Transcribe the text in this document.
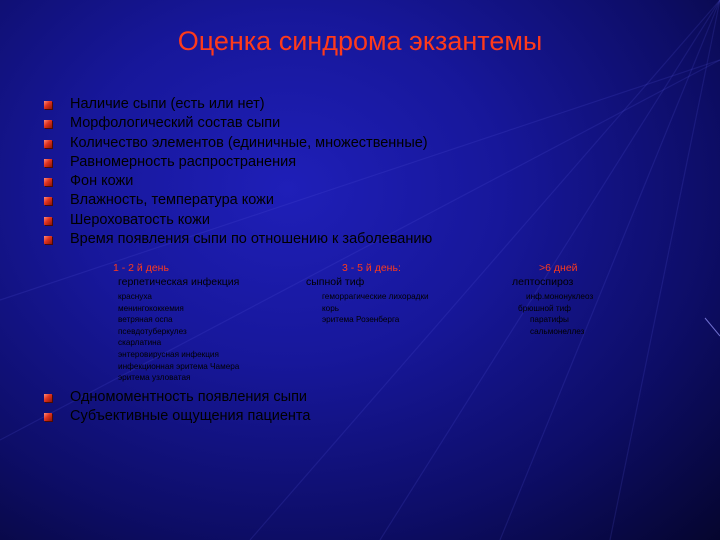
Оценка синдрома экзантемы
Наличие сыпи (есть или нет)
Морфологический состав сыпи
Количество элементов (единичные, множественные)
Равномерность распространения
Фон кожи
Влажность, температура кожи
Шероховатость кожи
Время появления сыпи по отношению к заболеванию
1 - 2 й день
герпетическая инфекция
краснуха
менингококкемия
ветряная оспа
псевдотуберкулез
скарлатина
энтеровирусная инфекция
инфекционная эритема Чамера
эритема узловатая
3 - 5 й день:
сыпной тиф
геморрагические лихорадки
корь
эритема Розенберга
>6 дней
лептоспироз
инф.мононуклеоз
брюшной тиф
паратифы
сальмонеллез
Одномоментность появления сыпи
Субъективные ощущения пациента
